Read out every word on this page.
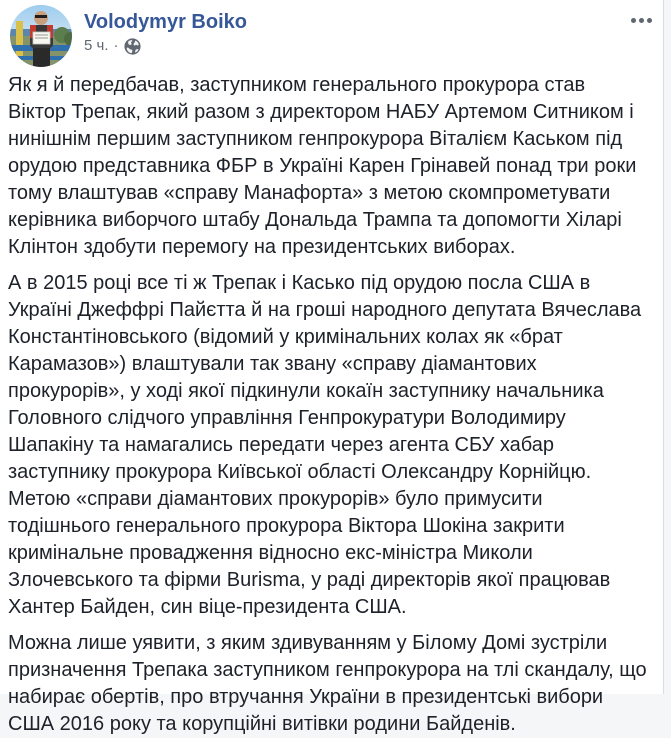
Volodymyr Boiko
5 ч. ·

Як я й передбачав, заступником генерального прокурора став Віктор Трепак, який разом з директором НАБУ Артемом Ситником і нинішнім першим заступником генпрокурора Віталієм Каськом під орудою представника ФБР в Україні Карен Грінавей понад три роки тому влаштував «справу Манафорта» з метою скомпрометувати керівника виборчого штабу Дональда Трампа та допомогти Хіларі Клінтон здобути перемогу на президентських виборах.

А в 2015 році все ті ж Трепак і Касько під орудою посла США в Україні Джеффрі Пайєтта й на гроші народного депутата Вячеслава Константіновського (відомий у кримінальних колах як «брат Карамазов») влаштували так звану «справу діамантових прокурорів», у ході якої підкинули кокаїн заступнику начальника Головного слідчого управління Генпрокуратури Володимиру Шапакіну та намагались передати через агента СБУ хабар заступнику прокурора Київської області Олександру Корнійцю. Метою «справи діамантових прокурорів» було примусити тодішнього генерального прокурора Віктора Шокіна закрити кримінальне провадження відносно екс-міністра Миколи Злочевського та фірми Burisma, у раді директорів якої працював Хантер Байден, син віце-президента США.

Можна лише уявити, з яким здивуванням у Білому Домі зустріли призначення Трепака заступником генпрокурора на тлі скандалу, що набирає обертів, про втручання України в президентські вибори США 2016 року та корупційні витівки родини Байденів.
